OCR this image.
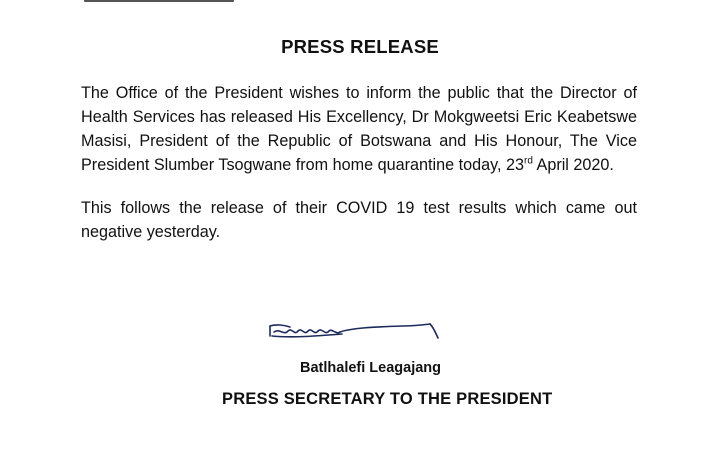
PRESS RELEASE
The Office of the President wishes to inform the public that the Director of Health Services has released His Excellency, Dr Mokgweetsi Eric Keabetswe Masisi, President of the Republic of Botswana and His Honour, The Vice President Slumber Tsogwane from home quarantine today, 23rd April 2020.
This follows the release of their COVID 19 test results which came out negative yesterday.
Batlhalefi Leagajang
PRESS SECRETARY TO THE PRESIDENT
